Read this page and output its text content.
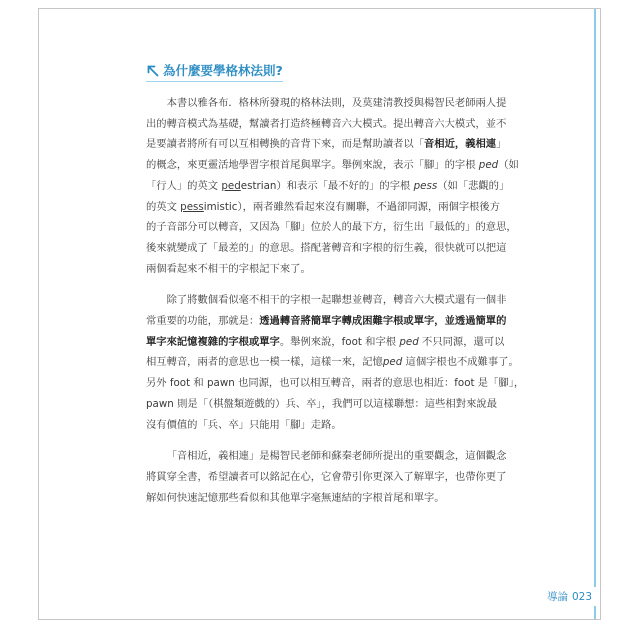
為什麼要學格林法則?
本書以雅各布．格林所發現的格林法則，及莫建清教授與楊智民老師兩人提
出的轉音模式為基礎，幫讀者打造終極轉音六大模式。提出轉音六大模式，並不
是要讀者將所有可以互相轉換的音背下來，而是幫助讀者以「音相近，義相連」
的概念，來更靈活地學習字根首尾與單字。舉例來說，表示「腳」的字根 ped（如
「行人」的英文 pedestrian）和表示「最不好的」的字根 pess（如「悲觀的」
的英文 pessimistic），兩者雖然看起來沒有關聯，不過卻同源，兩個字根後方
的子音部分可以轉音，又因為「腳」位於人的最下方，衍生出「最低的」的意思，
後來就變成了「最差的」的意思。搭配著轉音和字根的衍生義，很快就可以把這
兩個看起來不相干的字根記下來了。
除了將數個看似毫不相干的字根一起聯想並轉音，轉音六大模式還有一個非
常重要的功能，那就是：透過轉音將簡單字轉成困難字根或單字，並透過簡單的
單字來記憶複雜的字根或單字。舉例來說，foot 和字根 ped 不只同源，還可以
相互轉音，兩者的意思也一模一樣，這樣一來，記憶ped 這個字根也不成難事了。
另外 foot 和 pawn 也同源，也可以相互轉音，兩者的意思也相近：foot 是「腳」，
pawn 則是「（棋盤類遊戲的）兵、卒」，我們可以這樣聯想：這些相對來說最
沒有價值的「兵、卒」只能用「腳」走路。
「音相近，義相連」是楊智民老師和蘇秦老師所提出的重要觀念，這個觀念
將貫穿全書，希望讀者可以銘記在心，它會帶引你更深入了解單字，也帶你更了
解如何快速記憶那些看似和其他單字毫無連結的字根首尾和單字。
導論 023
